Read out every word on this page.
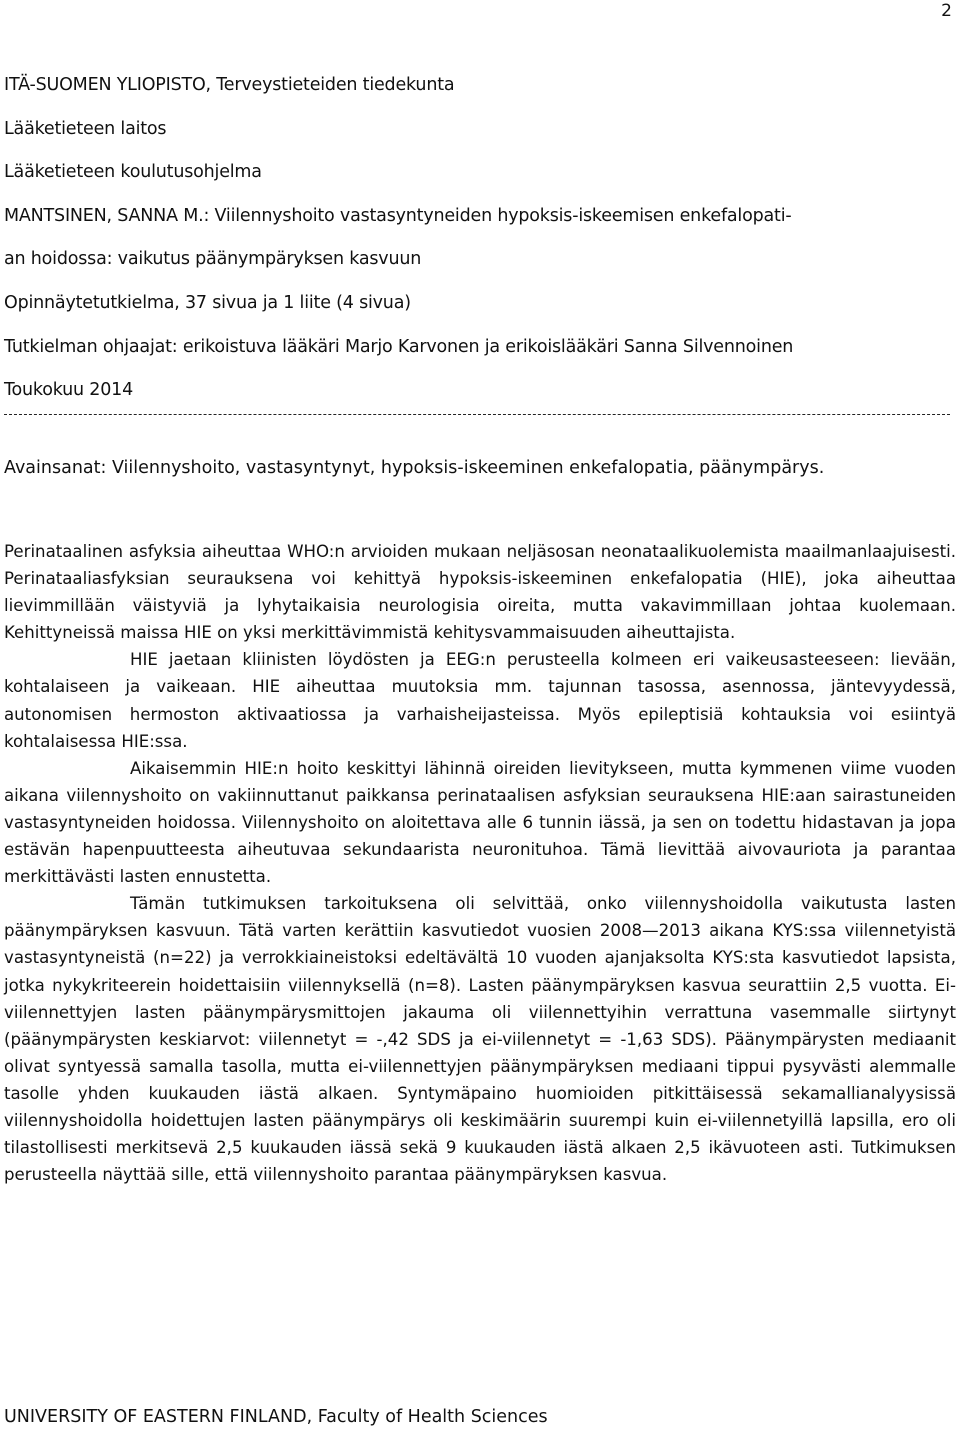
2
ITÄ-SUOMEN YLIOPISTO, Terveystieteiden tiedekunta
Lääketieteen laitos
Lääketieteen koulutusohjelma
MANTSINEN, SANNA M.: Viilennyshoito vastasyntyneiden hypoksis-iskeemisen enkefalopati-
an hoidossa: vaikutus päänympäryksen kasvuun
Opinnäytetutkielma, 37 sivua ja 1 liite (4 sivua)
Tutkielman ohjaajat: erikoistuva lääkäri Marjo Karvonen ja erikoislääkäri Sanna Silvennoinen
Toukokuu 2014
Avainsanat: Viilennyshoito, vastasyntynyt, hypoksis-iskeeminen enkefalopatia, päänympärys.

Perinataalinen asfyksia aiheuttaa WHO:n arvioiden mukaan neljäsosan neonataalikuolemista maailmanlaajuisesti. Perinataaliasfyksian seurauksena voi kehittyä hypoksis-iskeeminen enkefalopatia (HIE), joka aiheuttaa lievimmillään väistyviä ja lyhytaikaisia neurologisia oireita, mutta vakavimmillaan johtaa kuolemaan. Kehittyneissä maissa HIE on yksi merkittävimmistä kehitysvammaisuuden aiheuttajista.

HIE jaetaan kliinisten löydösten ja EEG:n perusteella kolmeen eri vaikeusasteeseen: lievään, kohtalaiseen ja vaikeaan. HIE aiheuttaa muutoksia mm. tajunnan tasossa, asennossa, jäntevyydessä, autonomisen hermoston aktivaatiossa ja varhaisheijasteissa. Myös epileptisiä kohtauksia voi esiintyä kohtalaisessa HIE:ssa.

Aikaisemmin HIE:n hoito keskittyi lähinnä oireiden lievitykseen, mutta kymmenen viime vuoden aikana viilennyshoito on vakiinnuttanut paikkansa perinataalisen asfyksian seurauksena HIE:aan sairastuneiden vastasyntyneiden hoidossa. Viilennyshoito on aloitettava alle 6 tunnin iässä, ja sen on todettu hidastavan ja jopa estävän hapenpuutteesta aiheutuvaa sekundaarista neuronituhoa. Tämä lievittää aivovauriota ja parantaa merkittävästi lasten ennustetta.

Tämän tutkimuksen tarkoituksena oli selvittää, onko viilennyshoidolla vaikutusta lasten päänympäryksen kasvuun. Tätä varten kerättiin kasvutiedot vuosien 2008—2013 aikana KYS:ssa viilennetyistä vastasyntyneistä (n=22) ja verrokkiaineistoksi edeltävältä 10 vuoden ajanjaksolta KYS:sta kasvutiedot lapsista, jotka nykykriteerein hoidettaisiin viilennyksellä (n=8). Lasten päänympäryksen kasvua seurattiin 2,5 vuotta. Ei-viilennettyjen lasten päänympärysmittojen jakauma oli viilennettyihin verrattuna vasemmalle siirtynyt (päänympärysten keskiarvot: viilennetyt = -,42 SDS ja ei-viilennetyt = -1,63 SDS). Päänympärysten mediaanit olivat syntyessä samalla tasolla, mutta ei-viilennettyjen päänympäryksen mediaani tippui pysyvästi alemmalle tasolle yhden kuukauden iästä alkaen. Syntymäpaino huomioiden pitkittäisessä sekamallianalyysissä viilennyshoidolla hoidettujen lasten päänympärys oli keskimäärin suurempi kuin ei-viilennetyillä lapsilla, ero oli tilastollisesti merkitsevä 2,5 kuukauden iässä sekä 9 kuukauden iästä alkaen 2,5 ikävuoteen asti. Tutkimuksen perusteella näyttää sille, että viilennyshoito parantaa päänympäryksen kasvua.

UNIVERSITY OF EASTERN FINLAND, Faculty of Health Sciences
